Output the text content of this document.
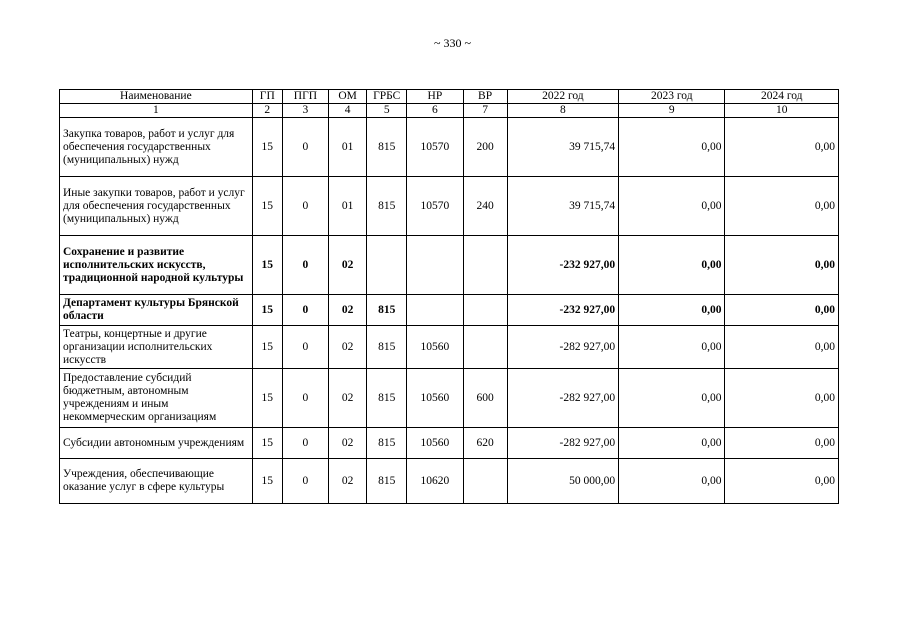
~ 330 ~
Наименование	ГП	ПГП	ОМ	ГРБС	НР	ВР	2022 год	2023 год	2024 год
1	2	3	4	5	6	7	8	9	10
Закупка товаров, работ и услуг для обеспечения государственных (муниципальных) нужд	15	0	01	815	10570	200	39 715,74	0,00	0,00
Иные закупки товаров, работ и услуг для обеспечения государственных (муниципальных) нужд	15	0	01	815	10570	240	39 715,74	0,00	0,00
Сохранение и развитие исполнительских искусств, традиционной народной культуры	15	0	02				-232 927,00	0,00	0,00
Департамент культуры Брянской области	15	0	02	815			-232 927,00	0,00	0,00
Театры, концертные и другие организации исполнительских искусств	15	0	02	815	10560		-282 927,00	0,00	0,00
Предоставление субсидий бюджетным, автономным учреждениям и иным некоммерческим организациям	15	0	02	815	10560	600	-282 927,00	0,00	0,00
Субсидии автономным учреждениям	15	0	02	815	10560	620	-282 927,00	0,00	0,00
Учреждения, обеспечивающие оказание услуг в сфере культуры	15	0	02	815	10620		50 000,00	0,00	0,00
